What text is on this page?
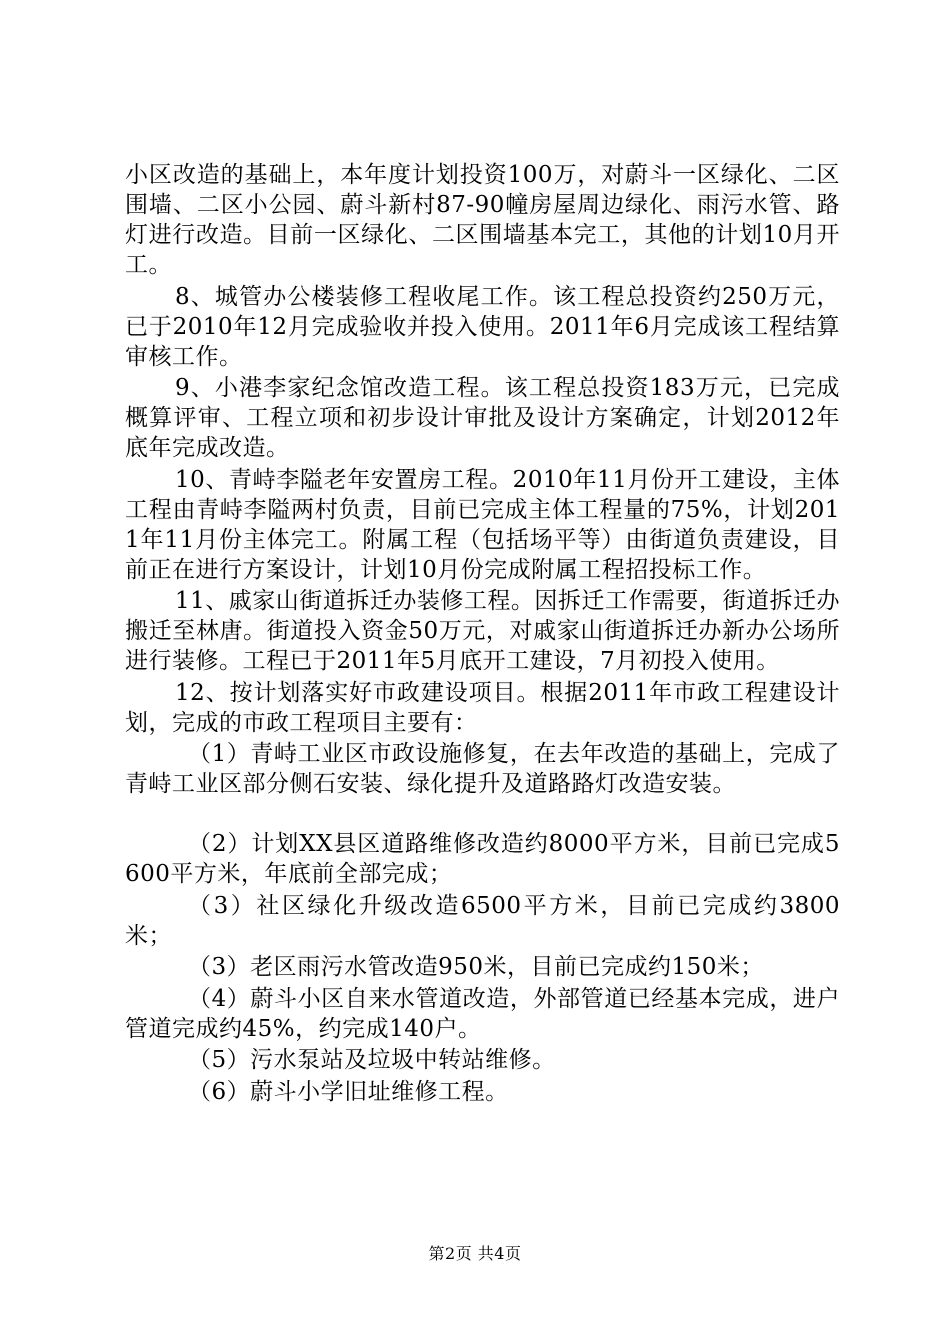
小区改造的基础上，本年度计划投资100万，对蔚斗一区绿化、二区围墙、二区小公园、蔚斗新村87-90幢房屋周边绿化、雨污水管、路灯进行改造。目前一区绿化、二区围墙基本完工，其他的计划10月开工。

8、城管办公楼装修工程收尾工作。该工程总投资约250万元，已于2010年12月完成验收并投入使用。2011年6月完成该工程结算审核工作。

9、小港李家纪念馆改造工程。该工程总投资183万元，已完成概算评审、工程立项和初步设计审批及设计方案确定，计划2012年底年完成改造。

10、青峙李隘老年安置房工程。2010年11月份开工建设，主体工程由青峙李隘两村负责，目前已完成主体工程量的75%，计划2011年11月份主体完工。附属工程（包括场平等）由街道负责建设，目前正在进行方案设计，计划10月份完成附属工程招投标工作。

11、戚家山街道拆迁办装修工程。因拆迁工作需要，街道拆迁办搬迁至林唐。街道投入资金50万元，对戚家山街道拆迁办新办公场所进行装修。工程已于2011年5月底开工建设，7月初投入使用。

12、按计划落实好市政建设项目。根据2011年市政工程建设计划，完成的市政工程项目主要有：

（1）青峙工业区市政设施修复，在去年改造的基础上，完成了青峙工业区部分侧石安装、绿化提升及道路路灯改造安装。

（2）计划XX县区道路维修改造约8000平方米，目前已完成5600平方米，年底前全部完成；

（3）社区绿化升级改造6500平方米，目前已完成约3800米；

（3）老区雨污水管改造950米，目前已完成约150米；

（4）蔚斗小区自来水管道改造，外部管道已经基本完成，进户管道完成约45%，约完成140户。

（5）污水泵站及垃圾中转站维修。

（6）蔚斗小学旧址维修工程。

第2页 共4页
